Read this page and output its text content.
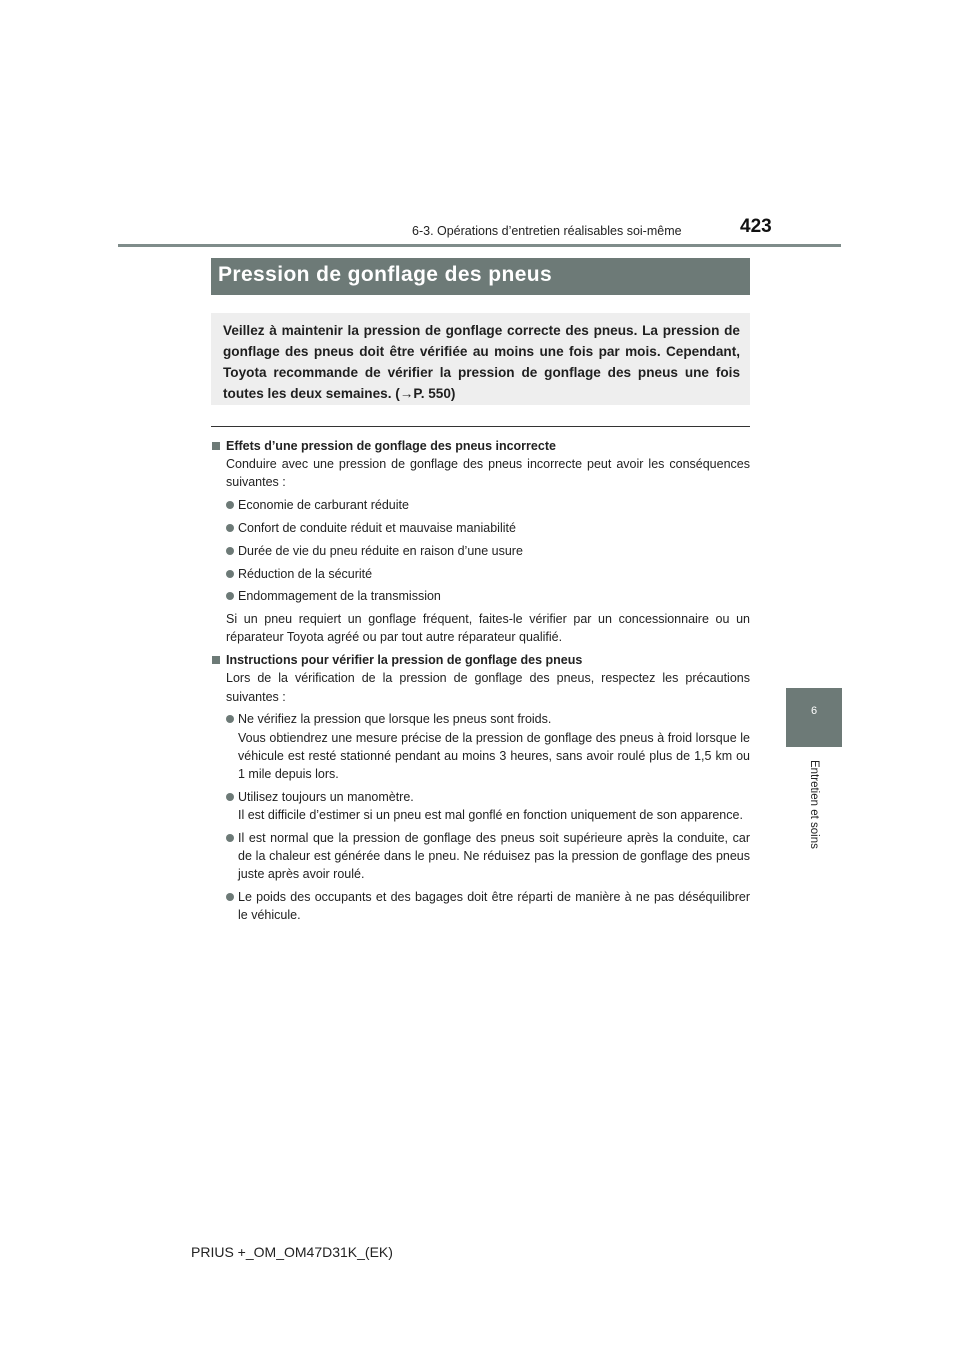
6-3. Opérations d’entretien réalisables soi-même	423
6
Entretien et soins
Pression de gonflage des pneus
Veillez à maintenir la pression de gonflage correcte des pneus. La pression de gonflage des pneus doit être vérifiée au moins une fois par mois. Cependant, Toyota recommande de vérifier la pression de gonflage des pneus une fois toutes les deux semaines. (→P. 550)
Effets d’une pression de gonflage des pneus incorrecte
Conduire avec une pression de gonflage des pneus incorrecte peut avoir les conséquences suivantes :
Economie de carburant réduite
Confort de conduite réduit et mauvaise maniabilité
Durée de vie du pneu réduite en raison d’une usure
Réduction de la sécurité
Endommagement de la transmission
Si un pneu requiert un gonflage fréquent, faites-le vérifier par un concessionnaire ou un réparateur Toyota agréé ou par tout autre réparateur qualifié.
Instructions pour vérifier la pression de gonflage des pneus
Lors de la vérification de la pression de gonflage des pneus, respectez les précautions suivantes :
Ne vérifiez la pression que lorsque les pneus sont froids.
Vous obtiendrez une mesure précise de la pression de gonflage des pneus à froid lorsque le véhicule est resté stationné pendant au moins 3 heures, sans avoir roulé plus de 1,5 km ou 1 mile depuis lors.
Utilisez toujours un manomètre.
Il est difficile d’estimer si un pneu est mal gonflé en fonction uniquement de son apparence.
Il est normal que la pression de gonflage des pneus soit supérieure après la conduite, car de la chaleur est générée dans le pneu. Ne réduisez pas la pression de gonflage des pneus juste après avoir roulé.
Le poids des occupants et des bagages doit être réparti de manière à ne pas déséquilibrer le véhicule.
PRIUS +_OM_OM47D31K_(EK)
